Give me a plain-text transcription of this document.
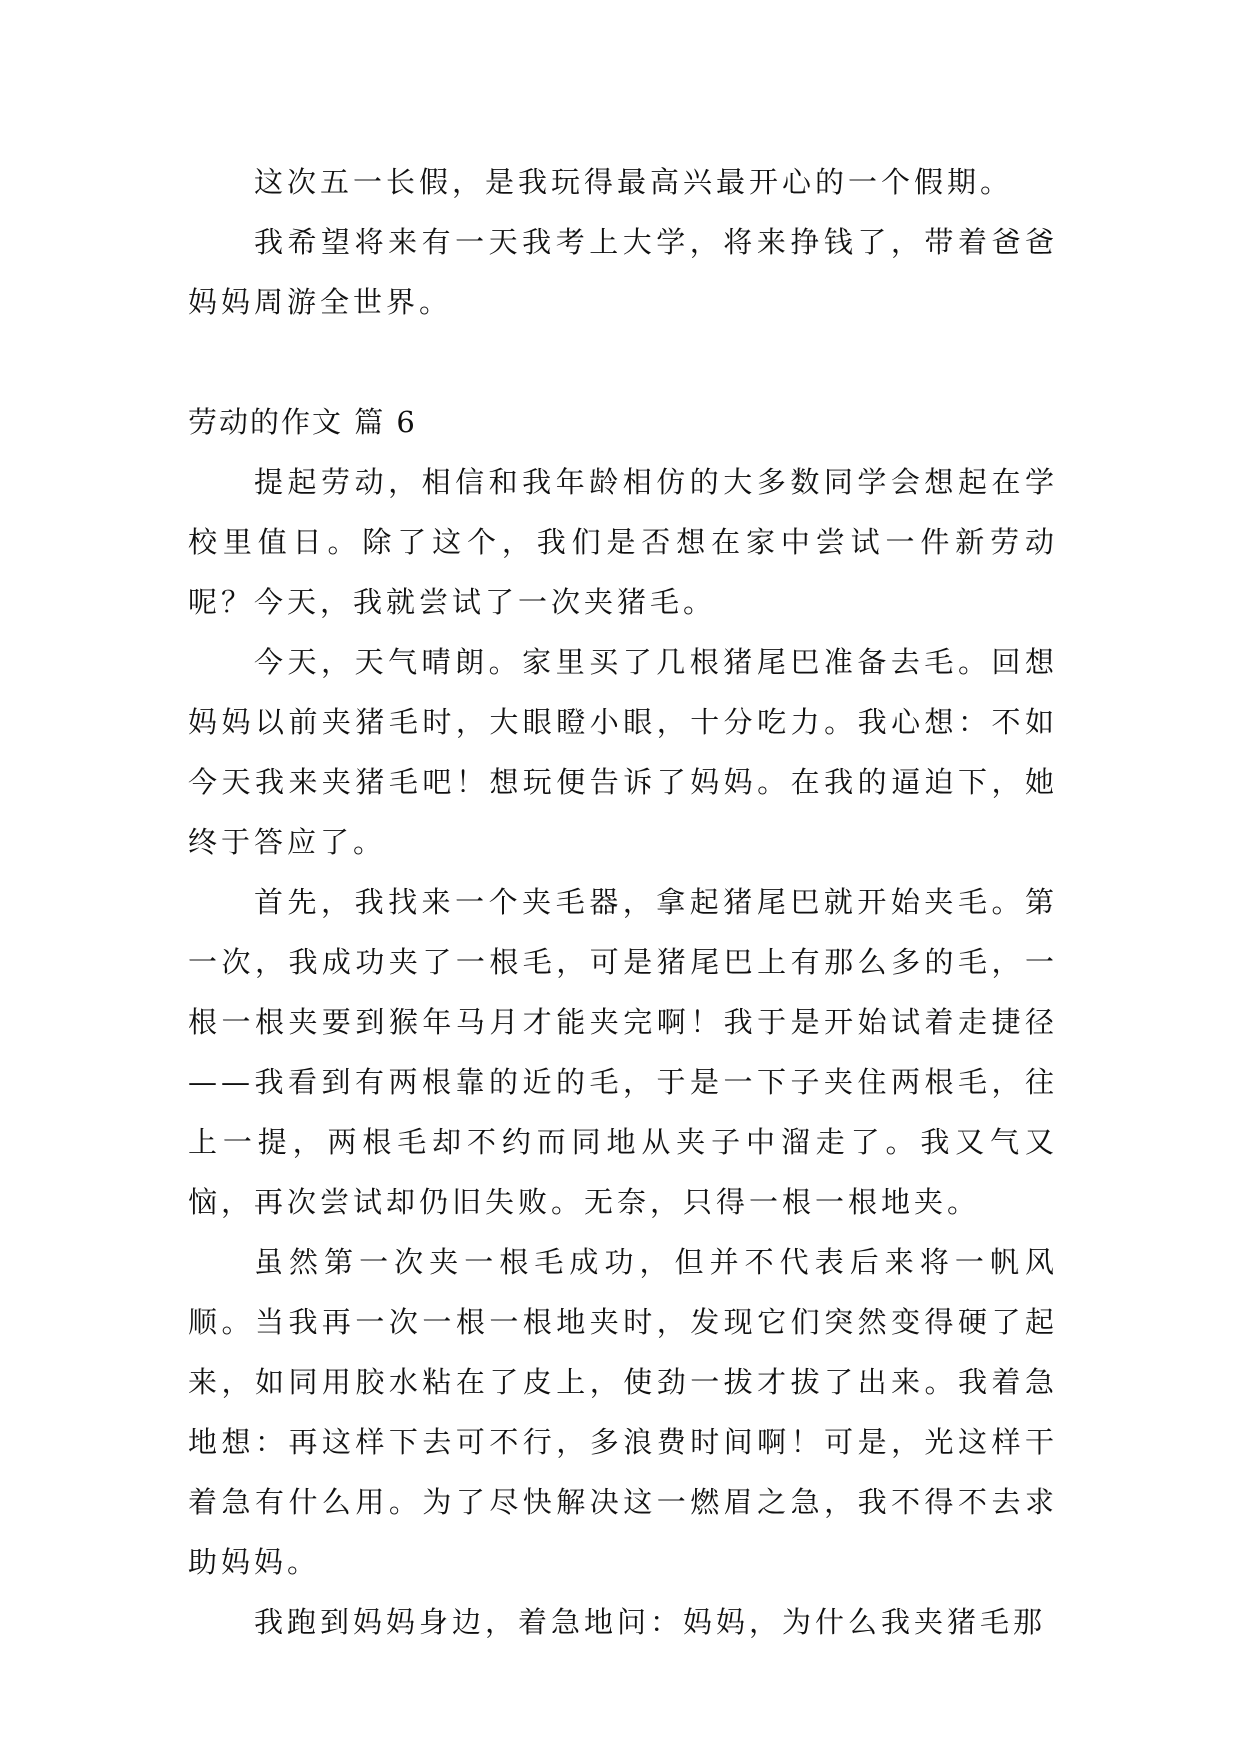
这次五一长假，是我玩得最高兴最开心的一个假期。

我希望将来有一天我考上大学，将来挣钱了，带着爸爸妈妈周游全世界。

劳动的作文 篇 6

提起劳动，相信和我年龄相仿的大多数同学会想起在学校里值日。除了这个，我们是否想在家中尝试一件新劳动呢？今天，我就尝试了一次夹猪毛。

今天，天气晴朗。家里买了几根猪尾巴准备去毛。回想妈妈以前夹猪毛时，大眼瞪小眼，十分吃力。我心想：不如今天我来夹猪毛吧！想玩便告诉了妈妈。在我的逼迫下，她终于答应了。

首先，我找来一个夹毛器，拿起猪尾巴就开始夹毛。第一次，我成功夹了一根毛，可是猪尾巴上有那么多的毛，一根一根夹要到猴年马月才能夹完啊！我于是开始试着走捷径——我看到有两根靠的近的毛，于是一下子夹住两根毛，往上一提，两根毛却不约而同地从夹子中溜走了。我又气又恼，再次尝试却仍旧失败。无奈，只得一根一根地夹。

虽然第一次夹一根毛成功，但并不代表后来将一帆风顺。当我再一次一根一根地夹时，发现它们突然变得硬了起来，如同用胶水粘在了皮上，使劲一拔才拔了出来。我着急地想：再这样下去可不行，多浪费时间啊！可是，光这样干着急有什么用。为了尽快解决这一燃眉之急，我不得不去求助妈妈。

我跑到妈妈身边，着急地问：妈妈，为什么我夹猪毛那
